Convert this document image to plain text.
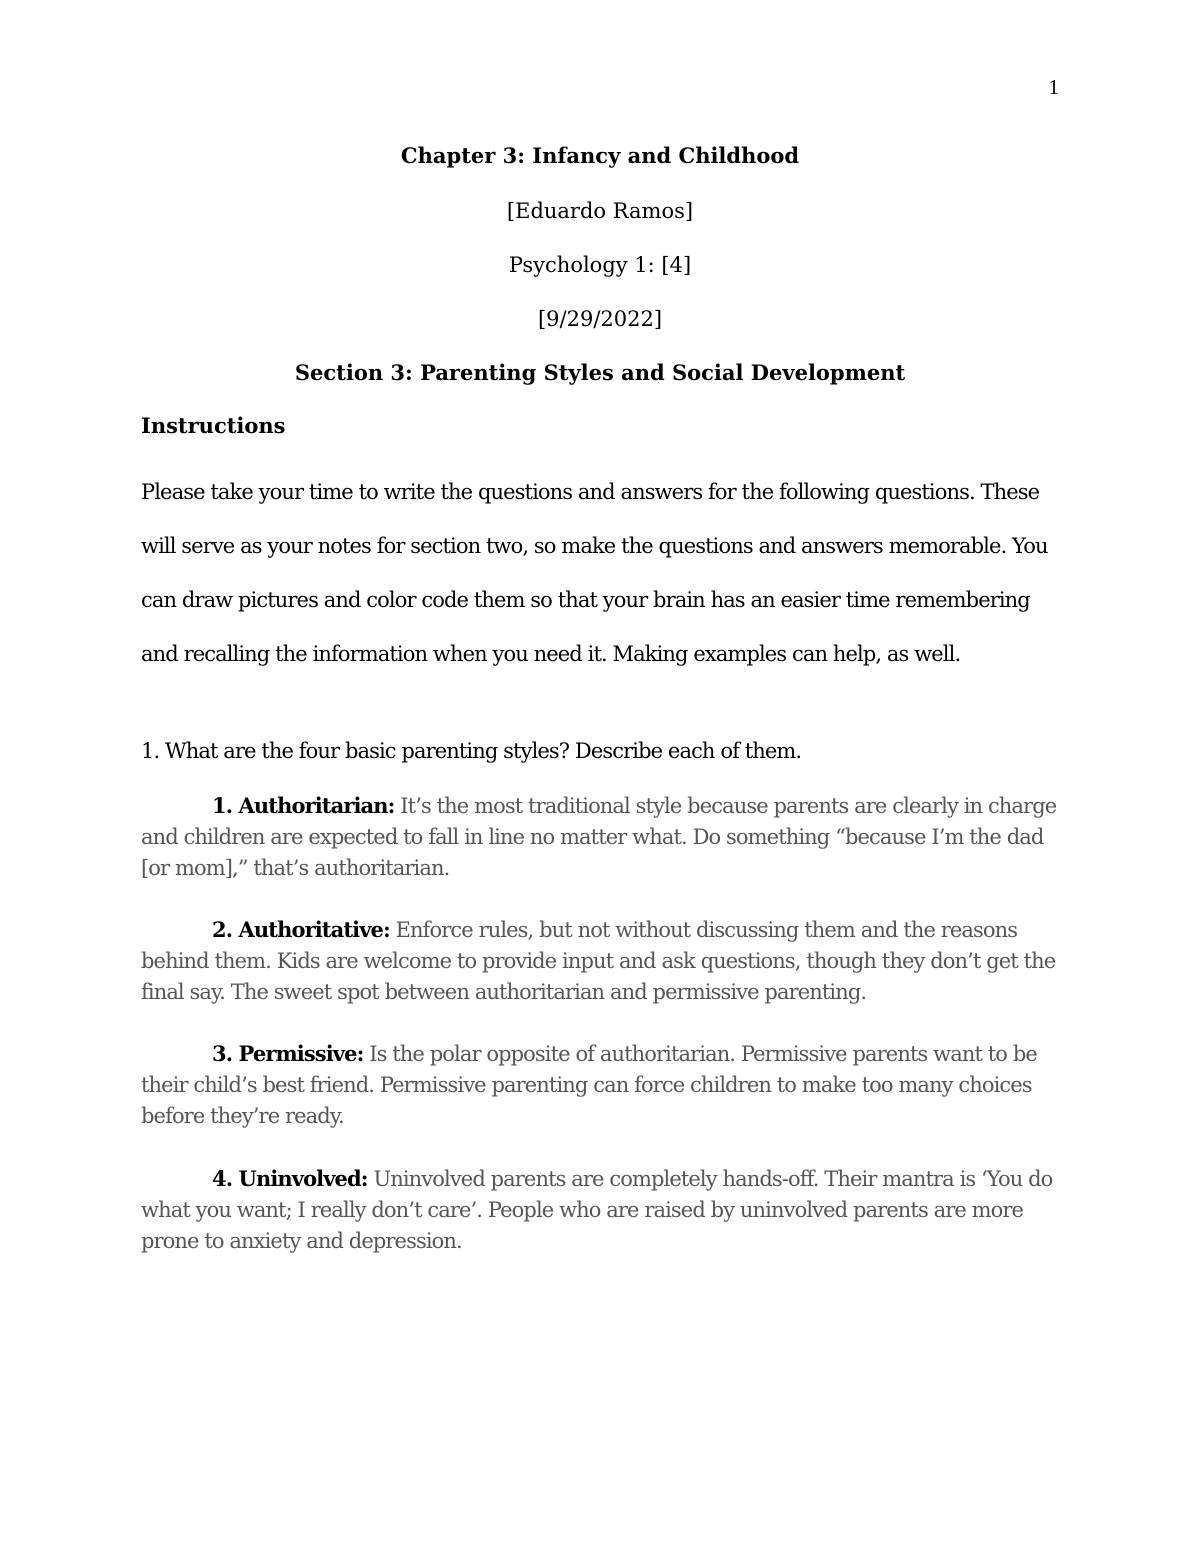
1
Chapter 3: Infancy and Childhood
[Eduardo Ramos]
Psychology 1: [4]
[9/29/2022]
Section 3: Parenting Styles and Social Development
Instructions

Please take your time to write the questions and answers for the following questions. These will serve as your notes for section two, so make the questions and answers memorable. You can draw pictures and color code them so that your brain has an easier time remembering and recalling the information when you need it. Making examples can help, as well.

1. What are the four basic parenting styles? Describe each of them.

1. Authoritarian: It’s the most traditional style because parents are clearly in charge and children are expected to fall in line no matter what. Do something “because I’m the dad [or mom],” that’s authoritarian.

2. Authoritative: Enforce rules, but not without discussing them and the reasons behind them. Kids are welcome to provide input and ask questions, though they don’t get the final say. The sweet spot between authoritarian and permissive parenting.

3. Permissive: Is the polar opposite of authoritarian. Permissive parents want to be their child’s best friend. Permissive parenting can force children to make too many choices before they’re ready.

4. Uninvolved: Uninvolved parents are completely hands-off. Their mantra is ‘You do what you want; I really don’t care’. People who are raised by uninvolved parents are more prone to anxiety and depression.
